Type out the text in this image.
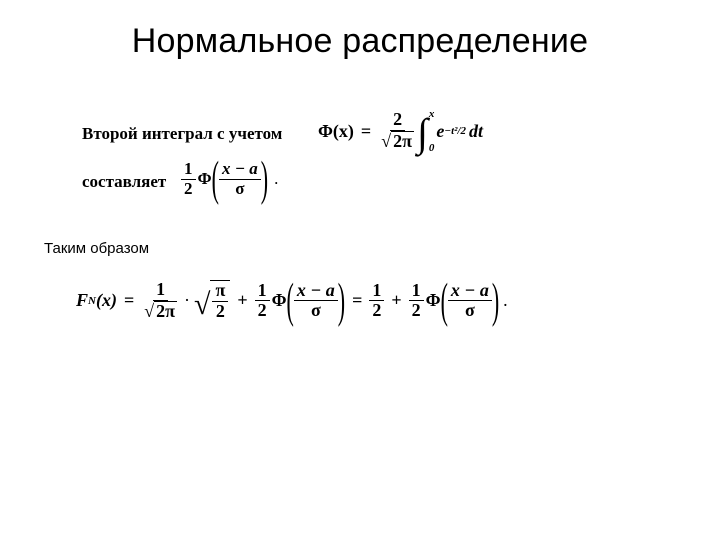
Нормальное распределение
Второй интеграл с учетом $\Phi(x) = \frac{2}{√ 2\pi}$ ∫ x
0
e −t²/2 dt
составляет $\frac{1}{2}$ Φ ( $\frac{x - a}{\sigma}$ ) .
Таким образом
F N $(x) = \frac{1}{√ 2\pi}$ · √ $\frac{\pi}{2} + \frac{1}{2}$ Φ ( $\frac{x - a}{\sigma}$ ) = $\frac{1}{2} + \frac{1}{2}$ Φ ( $\frac{x - a}{\sigma}$ ) .
